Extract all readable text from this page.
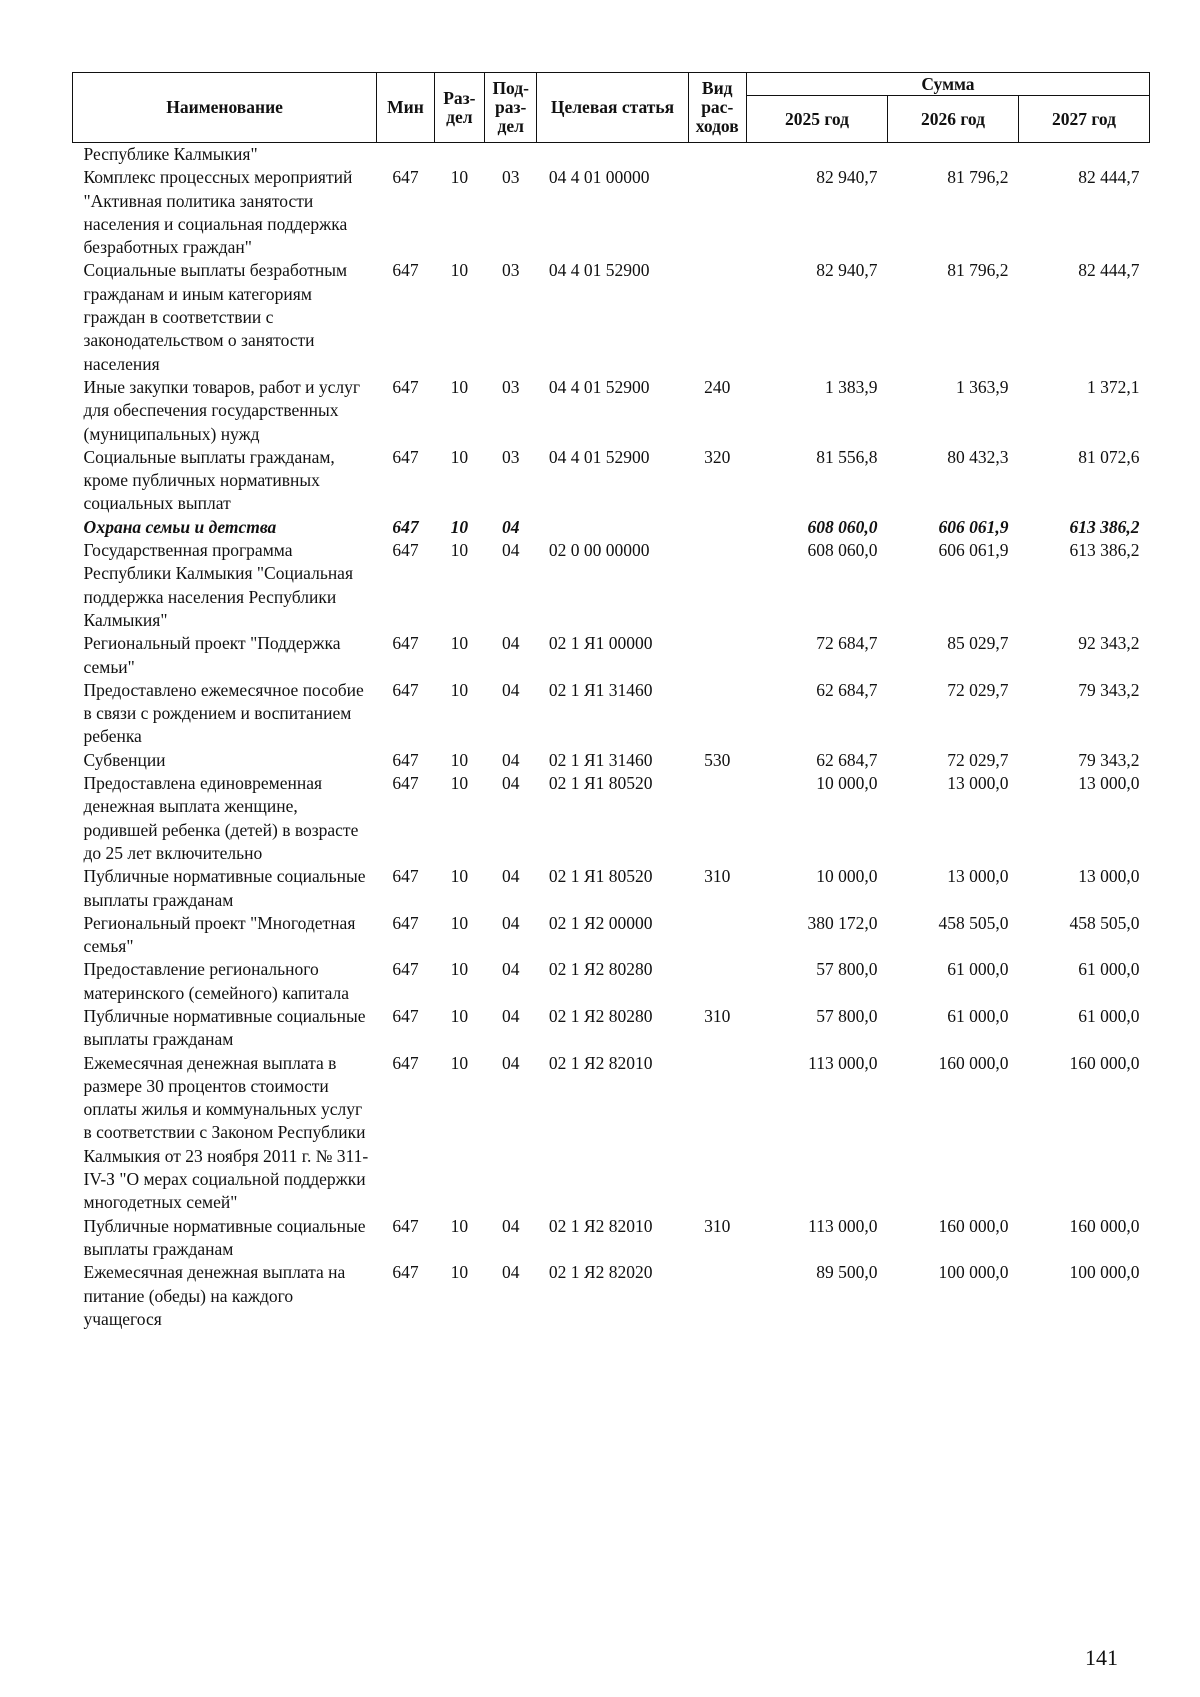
Наименование	Мин	Раз-дел	Под-раз-дел	Целевая статья	Вид рас-ходов	Сумма		
						2025 год	2026 год	2027 год
Республике Калмыкия"								
Комплекс процессных мероприятий "Активная политика занятости населения и социальная поддержка безработных граждан"	647	10	03	04 4 01 00000		82 940,7	81 796,2	82 444,7
Социальные выплаты безработным гражданам и иным категориям граждан в соответствии с законодательством о занятости населения	647	10	03	04 4 01 52900		82 940,7	81 796,2	82 444,7
Иные закупки товаров, работ и услуг для обеспечения государственных (муниципальных) нужд	647	10	03	04 4 01 52900	240	1 383,9	1 363,9	1 372,1
Социальные выплаты гражданам, кроме публичных нормативных социальных выплат	647	10	03	04 4 01 52900	320	81 556,8	80 432,3	81 072,6
Охрана семьи и детства	647	10	04			608 060,0	606 061,9	613 386,2
Государственная программа Республики Калмыкия "Социальная поддержка населения Республики Калмыкия"	647	10	04	02 0 00 00000		608 060,0	606 061,9	613 386,2
Региональный проект "Поддержка семьи"	647	10	04	02 1 Я1 00000		72 684,7	85 029,7	92 343,2
Предоставлено ежемесячное пособие в связи с рождением и воспитанием ребенка	647	10	04	02 1 Я1 31460		62 684,7	72 029,7	79 343,2
Субвенции	647	10	04	02 1 Я1 31460	530	62 684,7	72 029,7	79 343,2
Предоставлена единовременная денежная выплата женщине, родившей ребенка (детей) в возрасте до 25 лет включительно	647	10	04	02 1 Я1 80520		10 000,0	13 000,0	13 000,0
Публичные нормативные социальные выплаты гражданам	647	10	04	02 1 Я1 80520	310	10 000,0	13 000,0	13 000,0
Региональный проект "Многодетная семья"	647	10	04	02 1 Я2 00000		380 172,0	458 505,0	458 505,0
Предоставление регионального материнского (семейного) капитала	647	10	04	02 1 Я2 80280		57 800,0	61 000,0	61 000,0
Публичные нормативные социальные выплаты гражданам	647	10	04	02 1 Я2 80280	310	57 800,0	61 000,0	61 000,0
Ежемесячная денежная выплата в размере 30 процентов стоимости оплаты жилья и коммунальных услуг в соответствии с Законом Республики Калмыкия от 23 ноября 2011 г. № 311-IV-З "О мерах социальной поддержки многодетных семей"	647	10	04	02 1 Я2 82010		113 000,0	160 000,0	160 000,0
Публичные нормативные социальные выплаты гражданам	647	10	04	02 1 Я2 82010	310	113 000,0	160 000,0	160 000,0
Ежемесячная денежная выплата на питание (обеды) на каждого учащегося	647	10	04	02 1 Я2 82020		89 500,0	100 000,0	100 000,0
141
